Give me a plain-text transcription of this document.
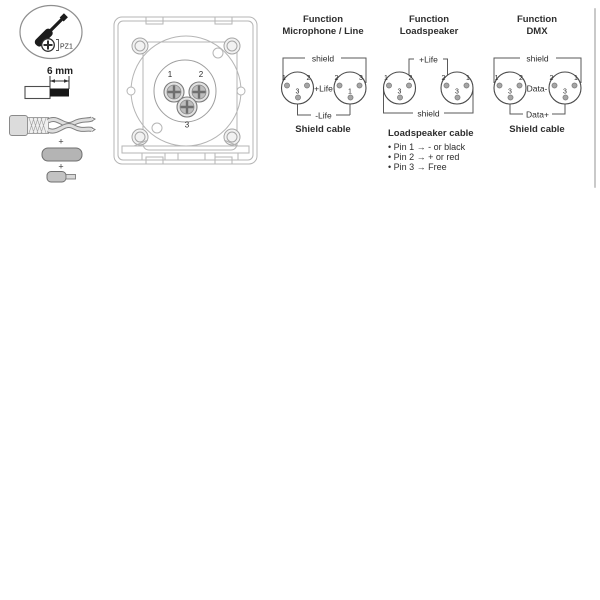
PZ1
6 mm
+
+
1	2
3
Function
Microphone / Line
shield
+Life
-Life
1	2
3
2	3
1
Shield cable
Function
Loadspeaker
+Life
shield
1	2
3
2	1
3
Loadspeaker cable
• Pin 1 → - or black
• Pin 2 → + or red
• Pin 3 → Free
Function
DMX
shield
Data-
Data+
1	2
3
2	1
3
Shield cable
